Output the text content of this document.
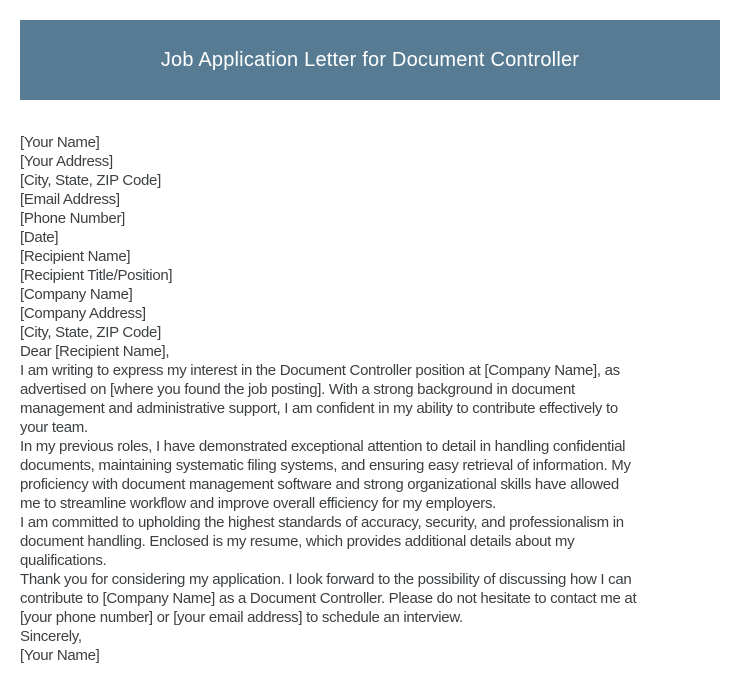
Job Application Letter for Document Controller
[Your Name]
[Your Address]
[City, State, ZIP Code]
[Email Address]
[Phone Number]
[Date]
[Recipient Name]
[Recipient Title/Position]
[Company Name]
[Company Address]
[City, State, ZIP Code]
Dear [Recipient Name],
I am writing to express my interest in the Document Controller position at [Company Name], as
advertised on [where you found the job posting]. With a strong background in document
management and administrative support, I am confident in my ability to contribute effectively to
your team.
In my previous roles, I have demonstrated exceptional attention to detail in handling confidential
documents, maintaining systematic filing systems, and ensuring easy retrieval of information. My
proficiency with document management software and strong organizational skills have allowed
me to streamline workflow and improve overall efficiency for my employers.
I am committed to upholding the highest standards of accuracy, security, and professionalism in
document handling. Enclosed is my resume, which provides additional details about my
qualifications.
Thank you for considering my application. I look forward to the possibility of discussing how I can
contribute to [Company Name] as a Document Controller. Please do not hesitate to contact me at
[your phone number] or [your email address] to schedule an interview.
Sincerely,
[Your Name]
